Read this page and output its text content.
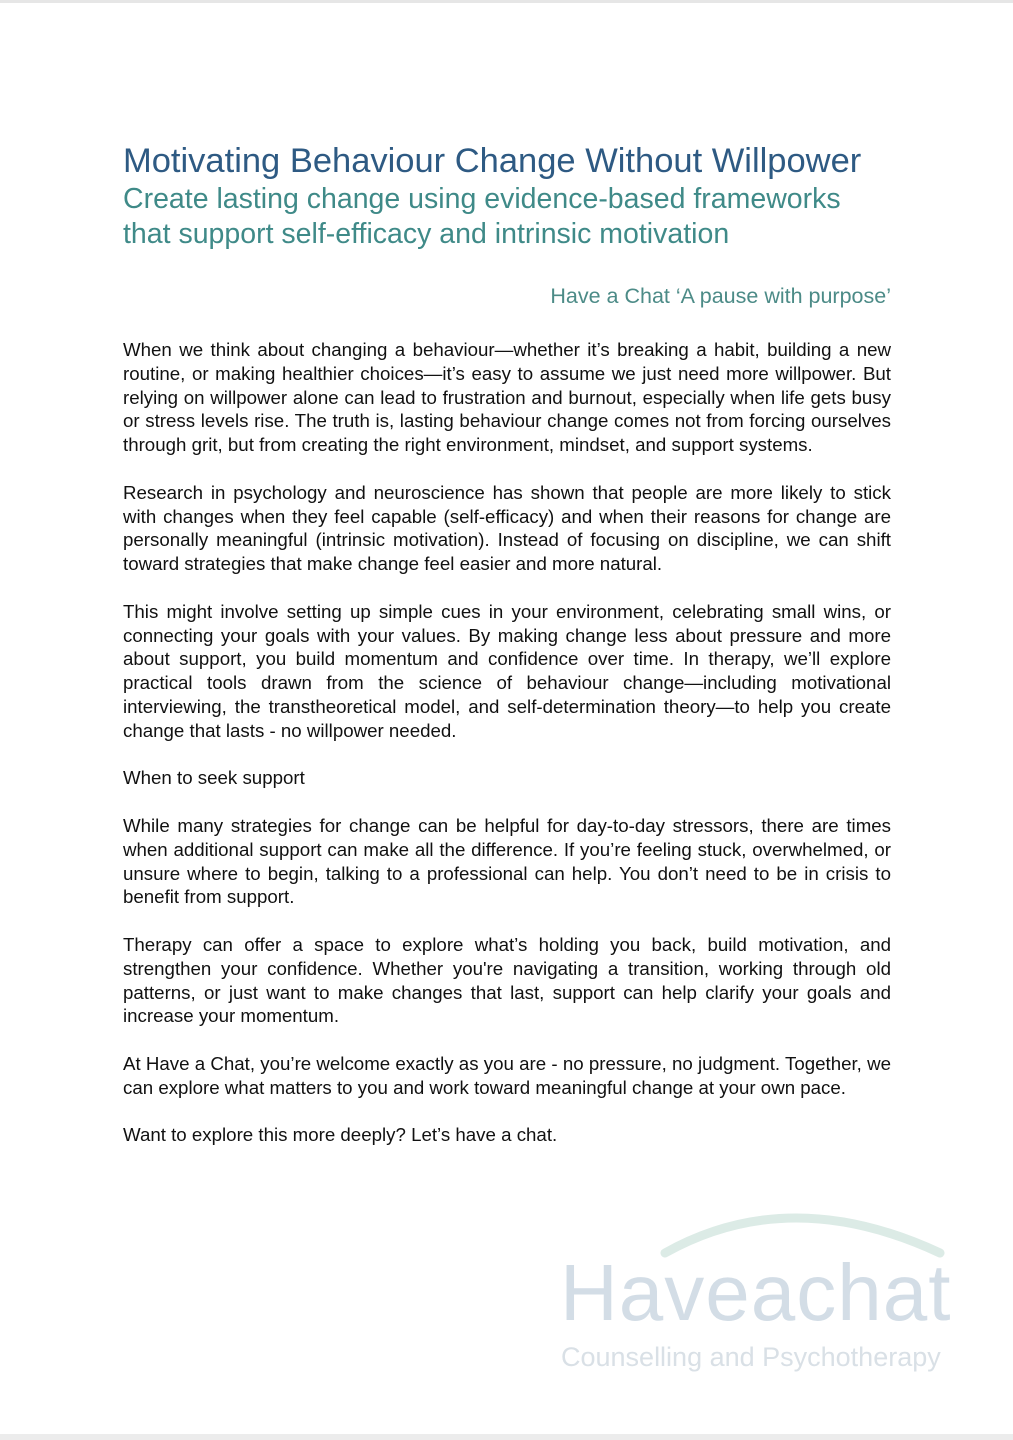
Motivating Behaviour Change Without Willpower
Create lasting change using evidence-based frameworks
that support self-efficacy and intrinsic motivation
Have a Chat ‘A pause with purpose’

When we think about changing a behaviour—whether it’s breaking a habit, building a new routine, or making healthier choices—it’s easy to assume we just need more willpower. But relying on willpower alone can lead to frustration and burnout, especially when life gets busy or stress levels rise. The truth is, lasting behaviour change comes not from forcing ourselves through grit, but from creating the right environment, mindset, and support systems.

Research in psychology and neuroscience has shown that people are more likely to stick with changes when they feel capable (self-efficacy) and when their reasons for change are personally meaningful (intrinsic motivation). Instead of focusing on discipline, we can shift toward strategies that make change feel easier and more natural.

This might involve setting up simple cues in your environment, celebrating small wins, or connecting your goals with your values. By making change less about pressure and more about support, you build momentum and confidence over time. In therapy, we’ll explore practical tools drawn from the science of behaviour change—including motivational interviewing, the transtheoretical model, and self-determination theory—to help you create change that lasts - no willpower needed.

When to seek support

While many strategies for change can be helpful for day-to-day stressors, there are times when additional support can make all the difference. If you’re feeling stuck, overwhelmed, or unsure where to begin, talking to a professional can help. You don’t need to be in crisis to benefit from support.

Therapy can offer a space to explore what’s holding you back, build motivation, and strengthen your confidence. Whether you're navigating a transition, working through old patterns, or just want to make changes that last, support can help clarify your goals and increase your momentum.

At Have a Chat, you’re welcome exactly as you are - no pressure, no judgment. Together, we can explore what matters to you and work toward meaningful change at your own pace.

Want to explore this more deeply? Let’s have a chat.

Haveachat
Counselling and Psychotherapy
